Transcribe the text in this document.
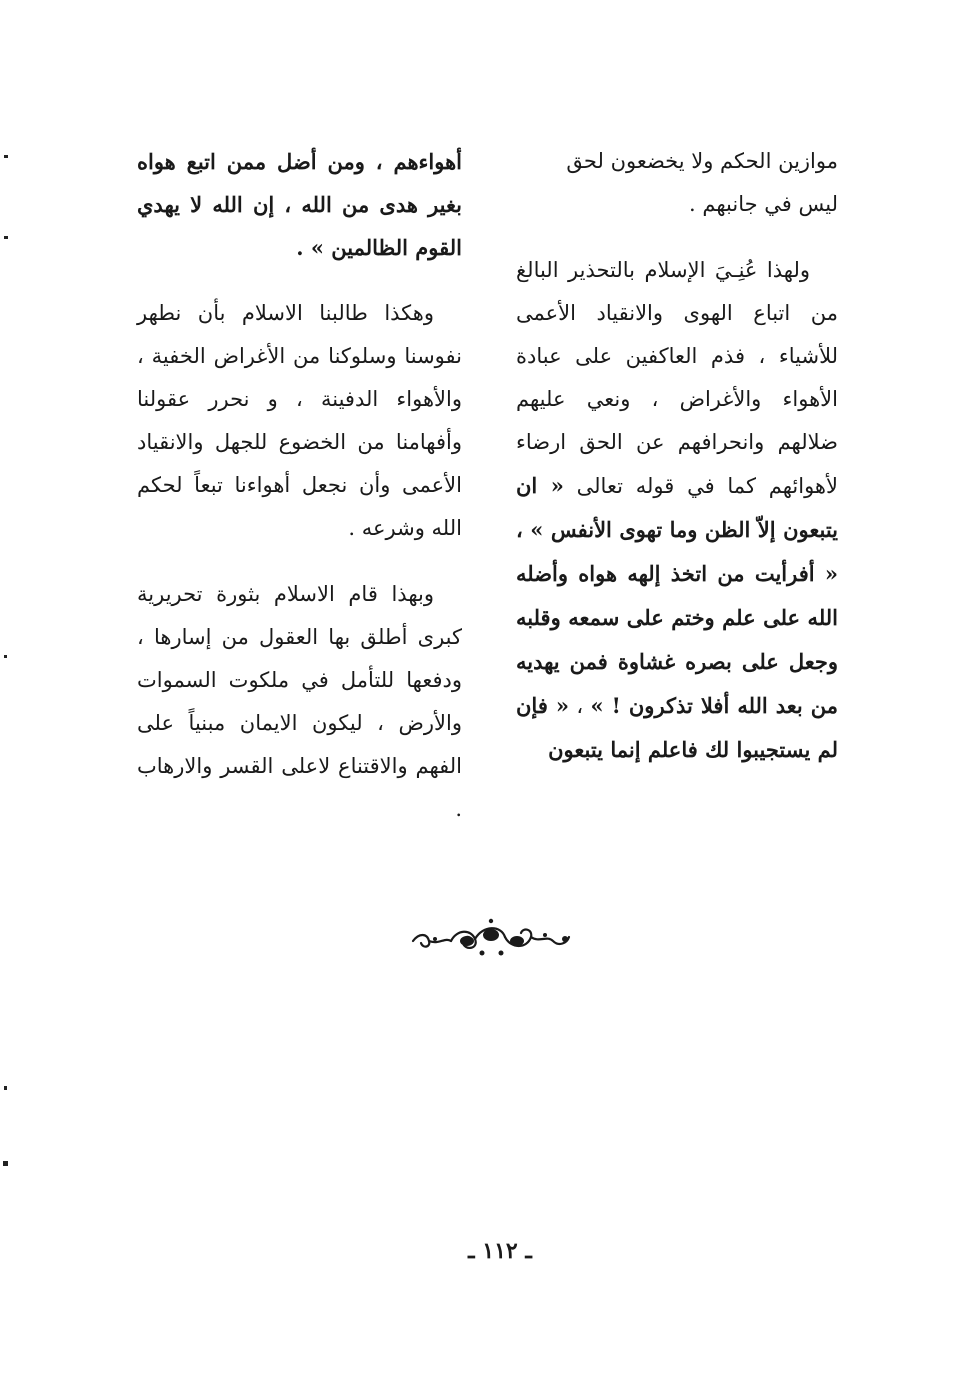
موازين الحكم ولا يخضعون لحق
ليس في جانبهم .

ولهذا عُنِـيَ الإسلام بالتحذير البالغ من اتباع الهوى والانقياد الأعمى للأشياء ، فذم العاكفين على عبادة الأهواء والأغراض ، ونعي عليهم ضلالهم وانحرافهم عن الحق ارضاء لأهوائهم كما في قوله تعالى « ان يتبعون إلاّ الظن وما تهوى الأنفس » ، « أفرأيت من اتخذ إلهه هواه وأضله الله على علم وختم على سمعه وقلبه وجعل على بصره غشاوة فمن يهديه من بعد الله أفلا تذكرون ! » ، « فإن لم يستجيبوا لك فاعلم إنما يتبعون

أهواءهم ، ومن أضل ممن اتبع هواه بغير هدى من الله ، إن الله لا يهدي القوم الظالمين » .

وهكذا طالبنا الاسلام بأن نطهر نفوسنا وسلوكنا من الأغراض الخفية ، والأهواء الدفينة ، و نحرر عقولنا وأفهامنا من الخضوع للجهل والانقياد الأعمى وأن نجعل أهواءنا تبعاً لحكم الله وشرعه .

وبهذا قام الاسلام بثورة تحريرية كبرى أطلق بها العقول من إسارها ، ودفعها للتأمل في ملكوت السموات والأرض ، ليكون الايمان مبنياً على الفهم والاقتناع لاعلى القسر والارهاب .

ـ ١١٢ ـ
